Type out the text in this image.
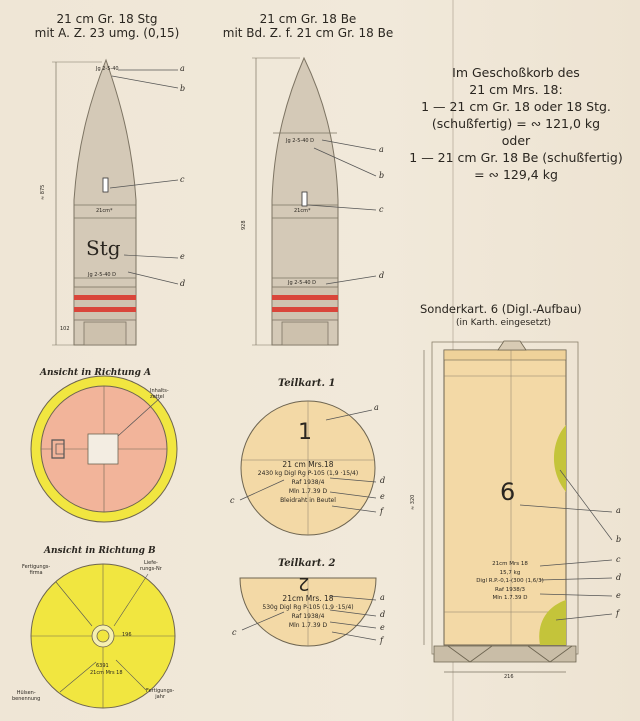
21 cm Gr. 18 Stg
mit A. Z. 23 umg. (0,15)
Jg 2-5-40
21cm*
Stg
Jg 2-5-40 D
≈ 875
102
a
b
c
e
d
21 cm Gr. 18 Be
mit Bd. Z. f. 21 cm Gr. 18 Be
Jg 2-5-40 D
21cm*
Jg 2-5-40 D
928
a
b
c
d
Im Geschoßkorb des
21 cm Mrs. 18:
1 — 21 cm Gr. 18 oder 18 Stg.
(schußfertig) = ∾ 121,0 kg
oder
1 — 21 cm Gr. 18 Be (schußfertig)
= ∾ 129,4 kg
Ansicht in Richtung A
Inhalts-zettel
Ansicht in Richtung B
Fertigungs-
firma
Liefe-
rungs-Nr
Hülsen-
benennung
Fertigungs-
jahr
196
6391
21cm Mrs 18
Teilkart. 1
1
21 cm Mrs.18
2430 kg Digl Rg P-105 (1,9 ·15/4)
Raf 1938/4
Mln 1.7.39 D
Bleidraht in Beutel
a
d
c	e
f
Teilkart. 2
2
21cm Mrs. 18
530g Digl Rg P-105 (1,9 ·15/4)
Raf 1938/4
Mln 1.7.39 D
a
d
c
e
f
Sonderkart. 6 (Digl.-Aufbau)
(in Karth. eingesetzt)
6
21cm Mrs 18
15,7 kg
Digl R.P.-0,1-(300 (1,6/3)
Raf 1938/3
Mln 1.7.39 D
≈ 320
216
a
b
c
d
e
f
